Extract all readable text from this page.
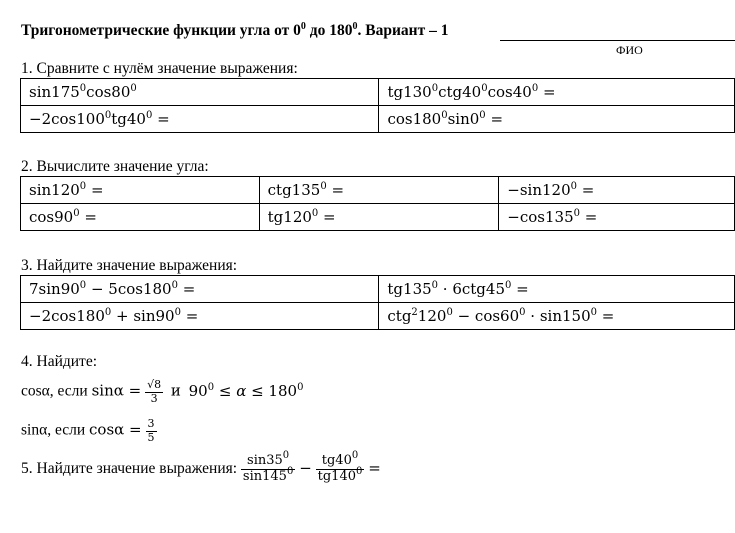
Тригонометрические функции угла от $0^0$ до $180^0$. Вариант – 1
ФИО
1. Сравните с нулём значение выражения:
$\sin 175^0\cos 80^0$	$tg130^0ctg40^0\cos 40^0$ =
$-2\cos 100^0tg40^0$ =	$\cos 180^0\sin 0^0$ =
2. Вычислите значение угла:
$\sin 120^0$ =	$ctg135^0$ =	$-\sin 120^0$ =
$\cos 90^0$ =	$tg120^0$ =	$-\cos 135^0$ =
3. Найдите значение выражения:
$7\sin 90^0 - 5\cos 180^0$ =	$tg135^0 \cdot 6ctg45^0$ =
$-2\cos 180^0 + \sin 90^0$ =	$ctg^2120^0 - \cos 60^0 \cdot \sin 150^0$ =
4. Найдите:
cosα, если $\sin\alpha = \frac{√8}{3}$ и $90^0 \le \alpha \le 180^0$
sinα, если $\cos\alpha = \frac{3}{5}$
5. Найдите значение выражения: $\frac{\sin 35^0}{\sin 145^0} - \frac{tg40^0}{tg140^0}$ =
